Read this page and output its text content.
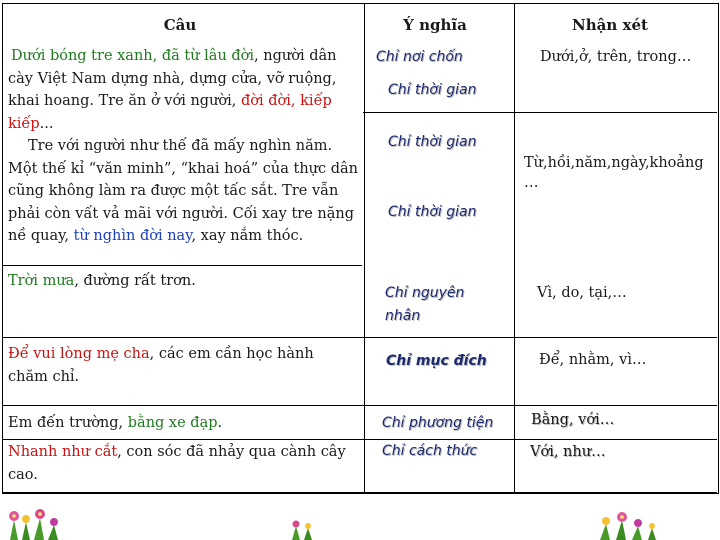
Câu	Ý nghĩa	Nhận xét
Dưới bóng tre xanh, đã từ lâu đời, người dân cày Việt Nam dựng nhà, dựng cửa, vỡ ruộng, khai hoang. Tre ăn ở với người, đời đời, kiếp kiếp...
Tre với người như thế đã mấy nghìn năm. Một thế kỉ “văn minh”, “khai hoá” của thực dân cũng không làm ra được một tấc sắt. Tre vẫn phải còn vất vả mãi với người. Cối xay tre nặng nề quay, từ nghìn đời nay, xay nắm thóc.
Trời mưa, đường rất trơn.
Để vui lòng mẹ cha, các em cần học hành chăm chỉ.
Em đến trường, bằng xe đạp.
Nhanh như cắt, con sóc đã nhảy qua cành cây cao.
Chỉ nơi chốn
Chỉ thời gian
Chỉ thời gian
Chỉ thời gian
Chỉ nguyên nhân
Chỉ mục đích
Chỉ phương tiện
Chỉ cách thức
Dưới,ở, trên, trong…
Từ,hồi,năm,ngày,khoảng …
Vì, do, tại,…
Để, nhằm, vì…
Bằng, với…
Với, như…
